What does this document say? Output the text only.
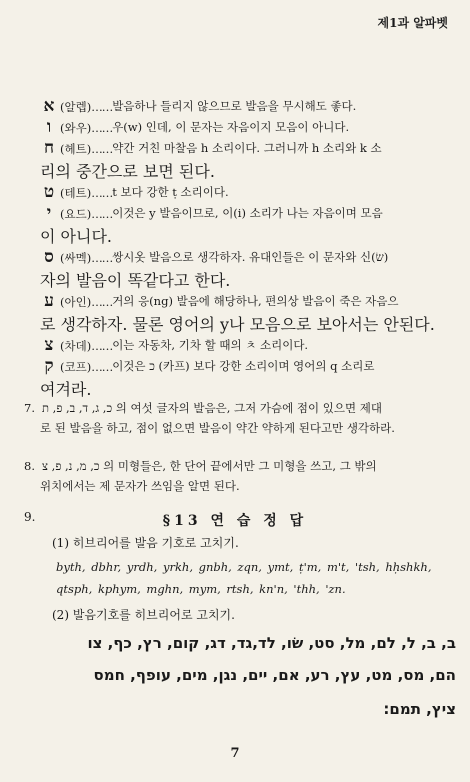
제1과 알파벳
א (알렙) …… 발음하나 들리지 않으므로 발음을 무시해도 좋다.
ו (와우) …… 우(w) 인데, 이 문자는 자음이지 모음이 아니다.
ח (헤트) …… 약간 거친 마찰음 h 소리이다. 그러니까 h 소리와 k 소
리의 중간으로 보면 된다.
ט (테트) …… t 보다 강한 ṭ 소리이다.
י (요드) …… 이것은 y 발음이므로, 이(i) 소리가 나는 자음이며 모음
이 아니다.
ס (싸멕) …… 쌍시옷 발음으로 생각하자. 유대인들은 이 문자와 신(שׂ)
자의 발음이 똑같다고 한다.
ע (아인) …… 거의 응(ng) 발음에 해당하나, 편의상 발음이 죽은 자음으
로 생각하자. 물론 영어의 y나 모음으로 보아서는 안된다.
צ (차데) …… 이는 자동차, 기차 할 때의 ㅊ 소리이다.
ק (코프) …… 이것은 כ (카프) 보다 강한 소리이며 영어의 q 소리로
여겨라.
7. כ, ג, ד, ב, פ, ת 의 여섯 글자의 발음은, 그저 가슴에 점이 있으면 제대
로 된 발음을 하고, 점이 없으면 발음이 약간 약하게 된다고만 생각하라.
8. כ, מ, נ, פ, צ 의 미형들은, 한 단어 끝에서만 그 미형을 쓰고, 그 밖의
위치에서는 제 문자가 쓰임을 알면 된다.
9.	§13 연 습 정 답
(1) 히브리어를 발음 기호로 고치기.
byth, dbhr, yrdh, yrkh, gnbh, zqn, ymt, ṭ'm, m't, 'tsh, hḥshkh,
qtsph, kphym, mghn, mym, rtsh, kn'n, 'thh, 'zn.
(2) 발음기호를 히브리어로 고치기.
ב, ב, ל, לם, מל, סט, שׂו, לד,גד, דג, קום, רץ, כף, צו
הם, מס, מט, עץ, רע, אם, יים, נגן, מים, עופף, חמס
ציץ, תמם:
7
